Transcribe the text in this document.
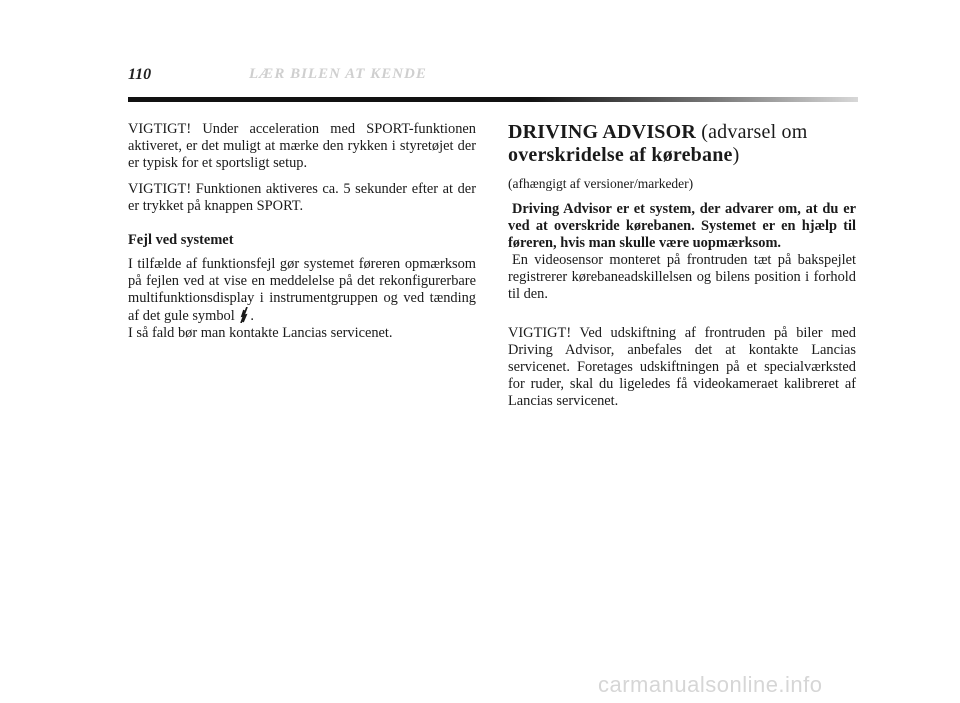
110	LÆR BILEN AT KENDE

VIGTIGT! Under acceleration med SPORT-funktionen aktiveret, er det muligt at mærke den rykken i styretøjet der er typisk for et sportsligt setup.

VIGTIGT! Funktionen aktiveres ca. 5 sekunder efter at der er trykket på knappen SPORT.

Fejl ved systemet

I tilfælde af funktionsfejl gør systemet føreren opmærksom på fejlen ved at vise en meddelelse på det rekonfigurerbare multifunktionsdisplay i instrumentgruppen og ved tænding af det gule symbol .

I så fald bør man kontakte Lancias servicenet.

DRIVING ADVISOR (advarsel om
overskridelse af kørebane)

(afhængigt af versioner/markeder)

Driving Advisor er et system, der advarer om, at du er ved at overskride kørebanen. Systemet er en hjælp til føreren, hvis man skulle være uopmærksom.

En videosensor monteret på frontruden tæt på bakspejlet registrerer kørebaneadskillelsen og bilens position i forhold til den.

VIGTIGT! Ved udskiftning af frontruden på biler med Driving Advisor, anbefales det at kontakte Lancias servicenet. Foretages udskiftningen på et specialværksted for ruder, skal du ligeledes få videokameraet kalibreret af Lancias servicenet.

carmanualsonline.info
